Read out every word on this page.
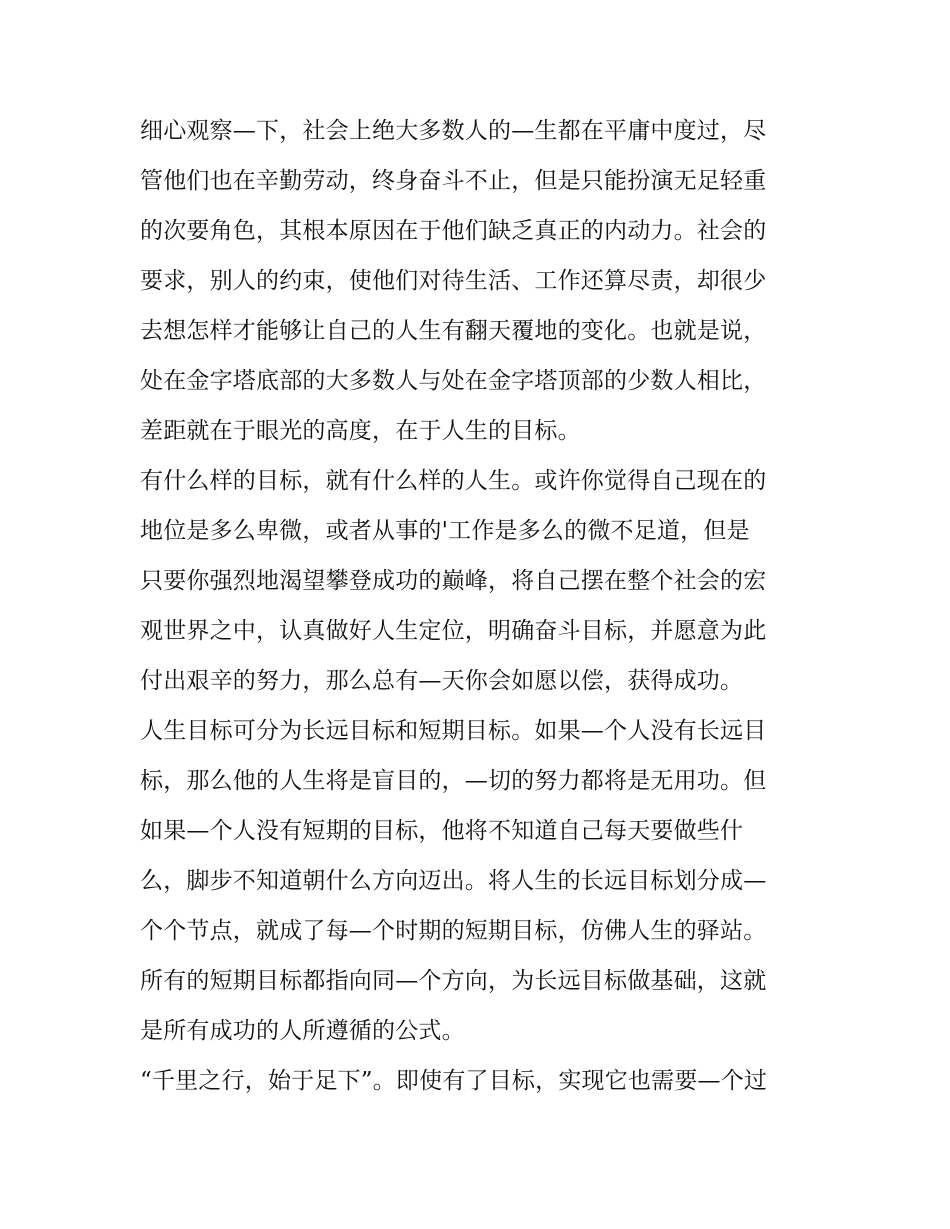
细心观察—下，社会上绝大多数人的—生都在平庸中度过，尽
管他们也在辛勤劳动，终身奋斗不止，但是只能扮演无足轻重
的次要角色，其根本原因在于他们缺乏真正的内动力。社会的
要求，别人的约束，使他们对待生活、工作还算尽责，却很少
去想怎样才能够让自己的人生有翻天覆地的变化。也就是说，
处在金字塔底部的大多数人与处在金字塔顶部的少数人相比，
差距就在于眼光的高度，在于人生的目标。
有什么样的目标，就有什么样的人生。或许你觉得自己现在的
地位是多么卑微，或者从事的'工作是多么的微不足道，但是
只要你强烈地渴望攀登成功的巅峰，将自己摆在整个社会的宏
观世界之中，认真做好人生定位，明确奋斗目标，并愿意为此
付出艰辛的努力，那么总有—天你会如愿以偿，获得成功。
人生目标可分为长远目标和短期目标。如果—个人没有长远目
标，那么他的人生将是盲目的，—切的努力都将是无用功。但
如果—个人没有短期的目标，他将不知道自己每天要做些什
么，脚步不知道朝什么方向迈出。将人生的长远目标划分成—
个个节点，就成了每—个时期的短期目标，仿佛人生的驿站。
所有的短期目标都指向同—个方向，为长远目标做基础，这就
是所有成功的人所遵循的公式。
“千里之行，始于足下”。即使有了目标，实现它也需要—个过
